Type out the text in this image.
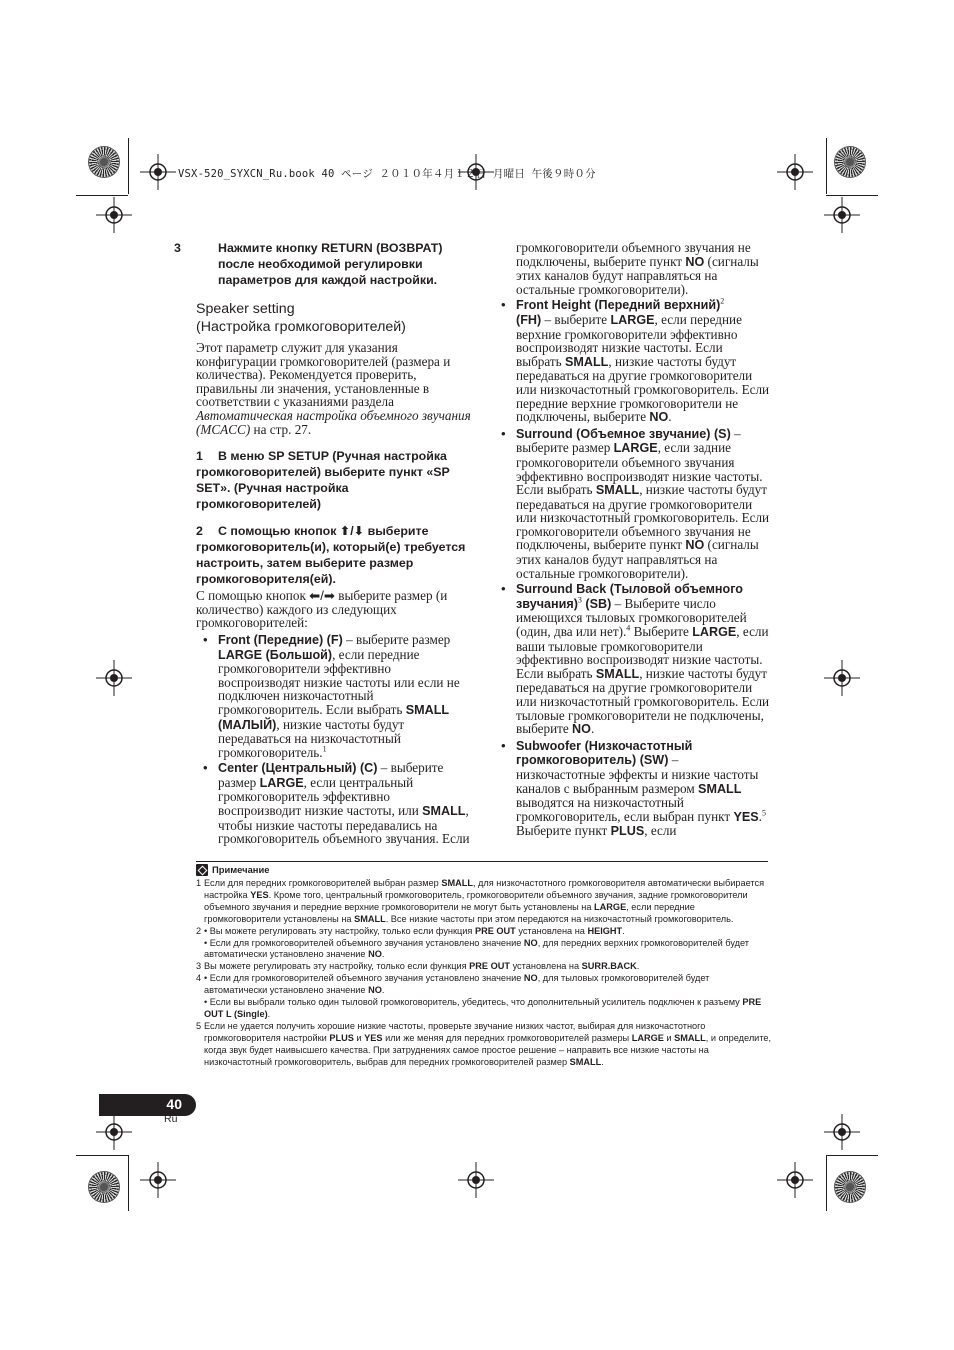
VSX-520_SYXCN_Ru.book 40 ページ ２０１０年４月１２日 月曜日 午後９時０分

3	Нажмите кнопку RETURN (ВОЗВРАТ) после необходимой регулировки параметров для каждой настройки.

Speaker setting
(Настройка громкоговорителей)

Этот параметр служит для указания конфигурации громкоговорителей (размера и количества). Рекомендуется проверить, правильны ли значения, установленные в соответствии с указаниями раздела Автоматическая настройка объемного звучания (MCACC) на стр. 27.

1 В меню SP SETUP (Ручная настройка громкоговорителей) выберите пункт «SP SET». (Ручная настройка громкоговорителей)

2 С помощью кнопок ⬆/⬇ выберите громкоговоритель(и), который(е) требуется настроить, затем выберите размер громкоговорителя(ей).

С помощью кнопок ⬅/➡ выберите размер (и количество) каждого из следующих громкоговорителей:

• Front (Передние) (F) – выберите размер LARGE (Большой), если передние громкоговорители эффективно воспроизводят низкие частоты или если не подключен низкочастотный громкоговоритель. Если выбрать SMALL (МАЛЫЙ), низкие частоты будут передаваться на низкочастотный громкоговоритель.$^1$
• Center (Центральный) (C) – выберите размер LARGE, если центральный громкоговоритель эффективно воспроизводит низкие частоты, или SMALL, чтобы низкие частоты передавались на громкоговоритель объемного звучания. Если

громкоговорители объемного звучания не подключены, выберите пункт NO (сигналы этих каналов будут направляться на остальные громкоговорители).

• Front Height (Передний верхний)$^2$
(FH) – выберите LARGE, если передние верхние громкоговорители эффективно воспроизводят низкие частоты. Если выбрать SMALL, низкие частоты будут передаваться на другие громкоговорители или низкочастотный громкоговоритель. Если передние верхние громкоговорители не подключены, выберите NO.
• Surround (Объемное звучание) (S) – выберите размер LARGE, если задние громкоговорители объемного звучания эффективно воспроизводят низкие частоты. Если выбрать SMALL, низкие частоты будут передаваться на другие громкоговорители или низкочастотный громкоговоритель. Если громкоговорители объемного звучания не подключены, выберите пункт NO (сигналы этих каналов будут направляться на остальные громкоговорители).
• Surround Back (Тыловой объемного звучания)$^3$ (SB) – Выберите число имеющихся тыловых громкоговорителей (один, два или нет).$^4$ Выберите LARGE, если ваши тыловые громкоговорители эффективно воспроизводят низкие частоты. Если выбрать SMALL, низкие частоты будут передаваться на другие громкоговорители или низкочастотный громкоговоритель. Если тыловые громкоговорители не подключены, выберите NO.
• Subwoofer (Низкочастотный громкоговоритель) (SW) – низкочастотные эффекты и низкие частоты каналов с выбранным размером SMALL выводятся на низкочастотный громкоговоритель, если выбран пункт YES.$^5$ Выберите пункт PLUS, если
Примечание
1 Если для передних громкоговорителей выбран размер SMALL, для низкочастотного громкоговорителя автоматически выбирается настройка YES. Кроме того, центральный громкоговоритель, громкоговорители объемного звучания, задние громкоговорители объемного звучания и передние верхние громкоговорители не могут быть установлены на LARGE, если передние громкоговорители установлены на SMALL. Все низкие частоты при этом передаются на низкочастотный громкоговоритель.
2 • Вы можете регулировать эту настройку, только если функция PRE OUT установлена на HEIGHT.
• Если для громкоговорителей объемного звучания установлено значение NO, для передних верхних громкоговорителей будет автоматически установлено значение NO.
3 Вы можете регулировать эту настройку, только если функция PRE OUT установлена на SURR.BACK.
4 • Если для громкоговорителей объемного звучания установлено значение NO, для тыловых громкоговорителей будет автоматически установлено значение NO.
• Если вы выбрали только один тыловой громкоговоритель, убедитесь, что дополнительный усилитель подключен к разъему PRE OUT L (Single).
5 Если не удается получить хорошие низкие частоты, проверьте звучание низких частот, выбирая для низкочастотного громкоговорителя настройки PLUS и YES или же меняя для передних громкоговорителей размеры LARGE и SMALL, и определите, когда звук будет наивысшего качества. При затруднениях самое простое решение – направить все низкие частоты на низкочастотный громкоговоритель, выбрав для передних громкоговорителей размер SMALL.
40
Ru
